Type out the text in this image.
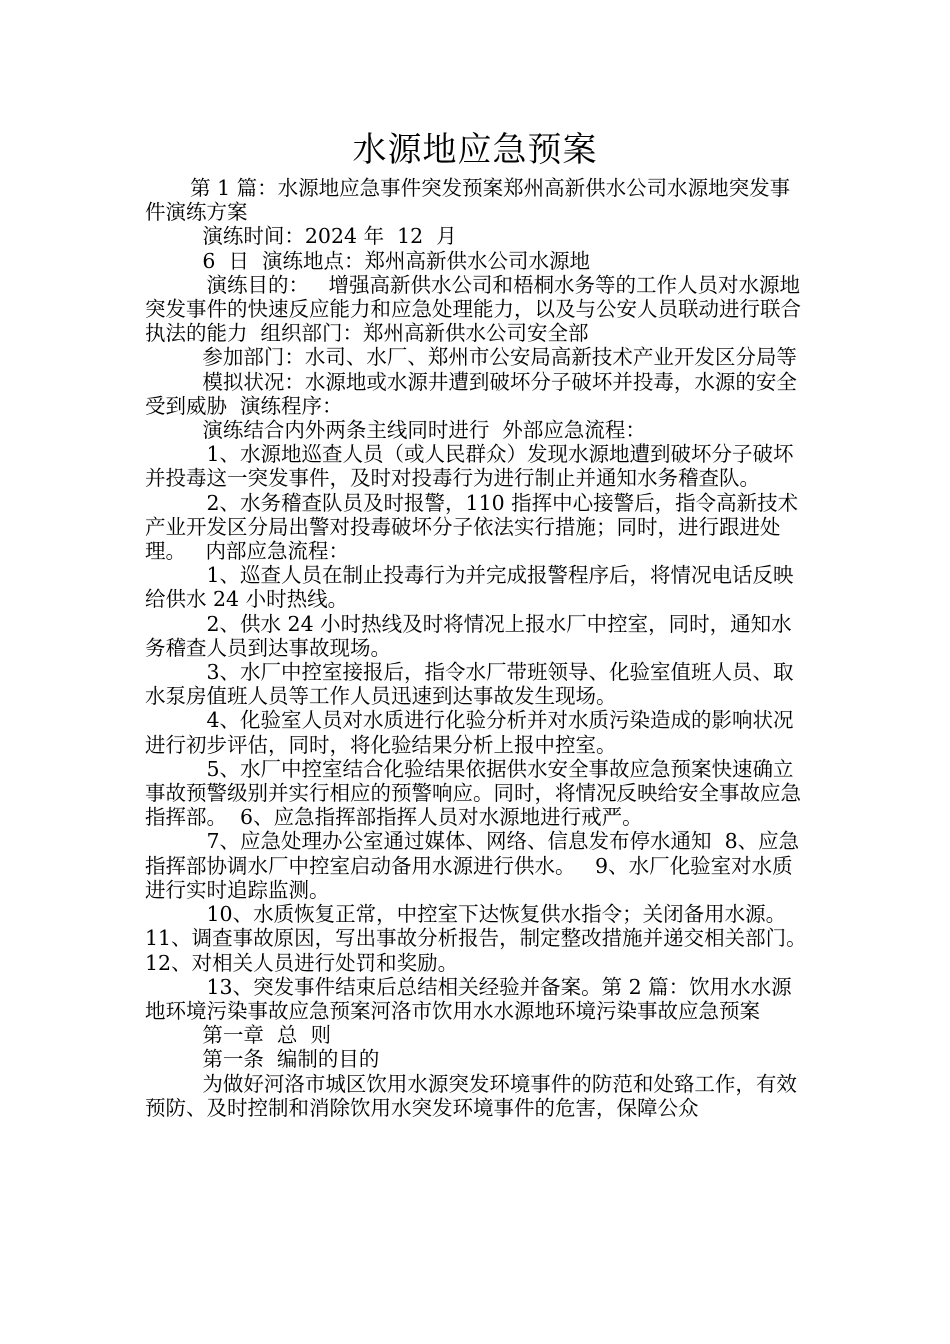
水源地应急预案

第 1 篇：水源地应急事件突发预案郑州高新供水公司水源地突发事件演练方案

演练时间：2024 年  12  月

6  日  演练地点：郑州高新供水公司水源地

演练目的：   增强高新供水公司和梧桐水务等的工作人员对水源地突发事件的快速反应能力和应急处理能力，以及与公安人员联动进行联合执法的能力  组织部门：郑州高新供水公司安全部

参加部门：水司、水厂、郑州市公安局高新技术产业开发区分局等

模拟状况：水源地或水源井遭到破坏分子破坏并投毒，水源的安全受到威胁  演练程序：

演练结合内外两条主线同时进行  外部应急流程：

1、水源地巡查人员（或人民群众）发现水源地遭到破坏分子破坏并投毒这一突发事件，及时对投毒行为进行制止并通知水务稽查队。

2、水务稽查队员及时报警，110 指挥中心接警后，指令高新技术产业开发区分局出警对投毒破坏分子依法实行措施；同时，进行跟进处理。   内部应急流程：

1、巡查人员在制止投毒行为并完成报警程序后，将情况电话反映给供水 24 小时热线。

2、供水 24 小时热线及时将情况上报水厂中控室，同时，通知水务稽查人员到达事故现场。

3、水厂中控室接报后，指令水厂带班领导、化验室值班人员、取水泵房值班人员等工作人员迅速到达事故发生现场。

4、化验室人员对水质进行化验分析并对水质污染造成的影响状况进行初步评估，同时，将化验结果分析上报中控室。

5、水厂中控室结合化验结果依据供水安全事故应急预案快速确立事故预警级别并实行相应的预警响应。同时，将情况反映给安全事故应急指挥部。  6、应急指挥部指挥人员对水源地进行戒严。

7、应急处理办公室通过媒体、网络、信息发布停水通知  8、应急指挥部协调水厂中控室启动备用水源进行供水。   9、水厂化验室对水质进行实时追踪监测。

10、水质恢复正常，中控室下达恢复供水指令；关闭备用水源。  11、调查事故原因，写出事故分析报告，制定整改措施并递交相关部门。  12、对相关人员进行处罚和奖励。

13、突发事件结束后总结相关经验并备案。第 2 篇：饮用水水源地环境污染事故应急预案河洛市饮用水水源地环境污染事故应急预案

第一章  总  则

第一条  编制的目的

为做好河洛市城区饮用水源突发环境事件的防范和处臵工作，有效预防、及时控制和消除饮用水突发环境事件的危害，保障公众
